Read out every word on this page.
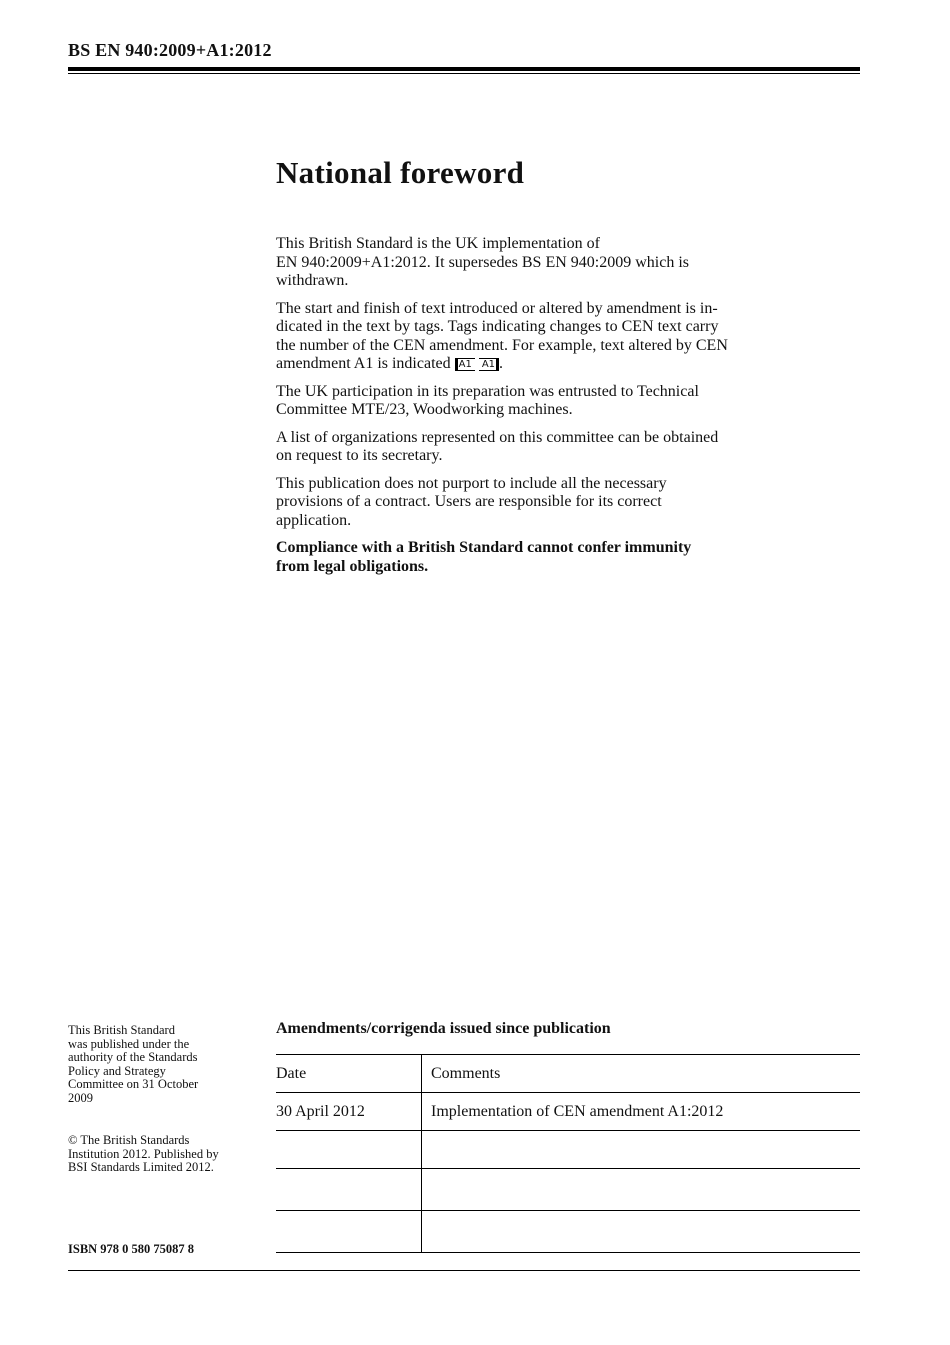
BS EN 940:2009+A1:2012
National foreword

This British Standard is the UK implementation of
EN 940:2009+A1:2012. It supersedes BS EN 940:2009 which is
withdrawn.

The start and finish of text introduced or altered by amendment is in-
dicated in the text by tags. Tags indicating changes to CEN text carry
the number of the CEN amendment. For example, text altered by CEN
amendment A1 is indicated A1 A1 .

The UK participation in its preparation was entrusted to Technical
Committee MTE/23, Woodworking machines.

A list of organizations represented on this committee can be obtained
on request to its secretary.

This publication does not purport to include all the necessary
provisions of a contract. Users are responsible for its correct
application.

Compliance with a British Standard cannot confer immunity
from legal obligations.

This British Standard
was published under the
authority of the Standards
Policy and Strategy
Committee on 31 October
2009
© The British Standards
Institution 2012. Published by
BSI Standards Limited 2012.
ISBN 978 0 580 75087 8
Amendments/corrigenda issued since publication
Date	Comments
30 April 2012	Implementation of CEN amendment A1:2012
